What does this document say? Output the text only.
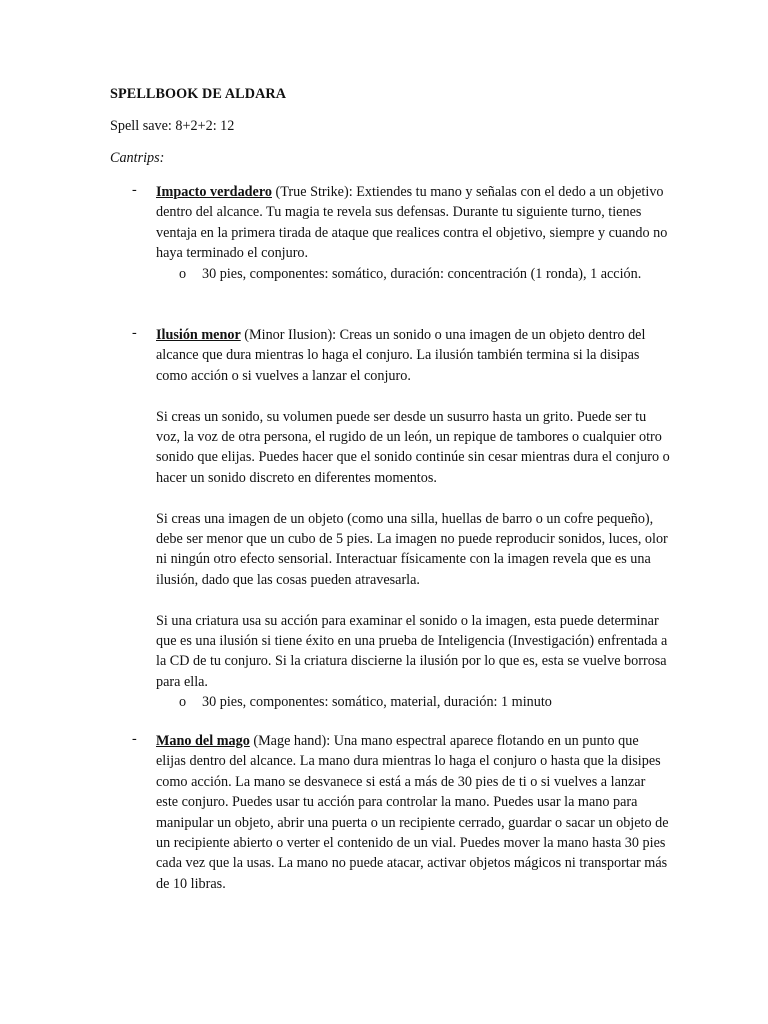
SPELLBOOK DE ALDARA
Spell save: 8+2+2: 12
Cantrips:
- Impacto verdadero (True Strike): Extiendes tu mano y señalas con el dedo a un objetivo dentro del alcance. Tu magia te revela sus defensas. Durante tu siguiente turno, tienes ventaja en la primera tirada de ataque que realices contra el objetivo, siempre y cuando no haya terminado el conjuro.

o 30 pies, componentes: somático, duración: concentración (1 ronda), 1 acción.
- Ilusión menor (Minor Ilusion): Creas un sonido o una imagen de un objeto dentro del alcance que dura mientras lo haga el conjuro. La ilusión también termina si la disipas como acción o si vuelves a lanzar el conjuro.

Si creas un sonido, su volumen puede ser desde un susurro hasta un grito. Puede ser tu voz, la voz de otra persona, el rugido de un león, un repique de tambores o cualquier otro sonido que elijas. Puedes hacer que el sonido continúe sin cesar mientras dura el conjuro o hacer un sonido discreto en diferentes momentos.

Si creas una imagen de un objeto (como una silla, huellas de barro o un cofre pequeño), debe ser menor que un cubo de 5 pies. La imagen no puede reproducir sonidos, luces, olor ni ningún otro efecto sensorial. Interactuar físicamente con la imagen revela que es una ilusión, dado que las cosas pueden atravesarla.

Si una criatura usa su acción para examinar el sonido o la imagen, esta puede determinar que es una ilusión si tiene éxito en una prueba de Inteligencia (Investigación) enfrentada a la CD de tu conjuro. Si la criatura discierne la ilusión por lo que es, esta se vuelve borrosa para ella.

o 30 pies, componentes: somático, material, duración: 1 minuto
- Mano del mago (Mage hand): Una mano espectral aparece flotando en un punto que elijas dentro del alcance. La mano dura mientras lo haga el conjuro o hasta que la disipes como acción. La mano se desvanece si está a más de 30 pies de ti o si vuelves a lanzar este conjuro. Puedes usar tu acción para controlar la mano. Puedes usar la mano para manipular un objeto, abrir una puerta o un recipiente cerrado, guardar o sacar un objeto de un recipiente abierto o verter el contenido de un vial. Puedes mover la mano hasta 30 pies cada vez que la usas. La mano no puede atacar, activar objetos mágicos ni transportar más de 10 libras.
